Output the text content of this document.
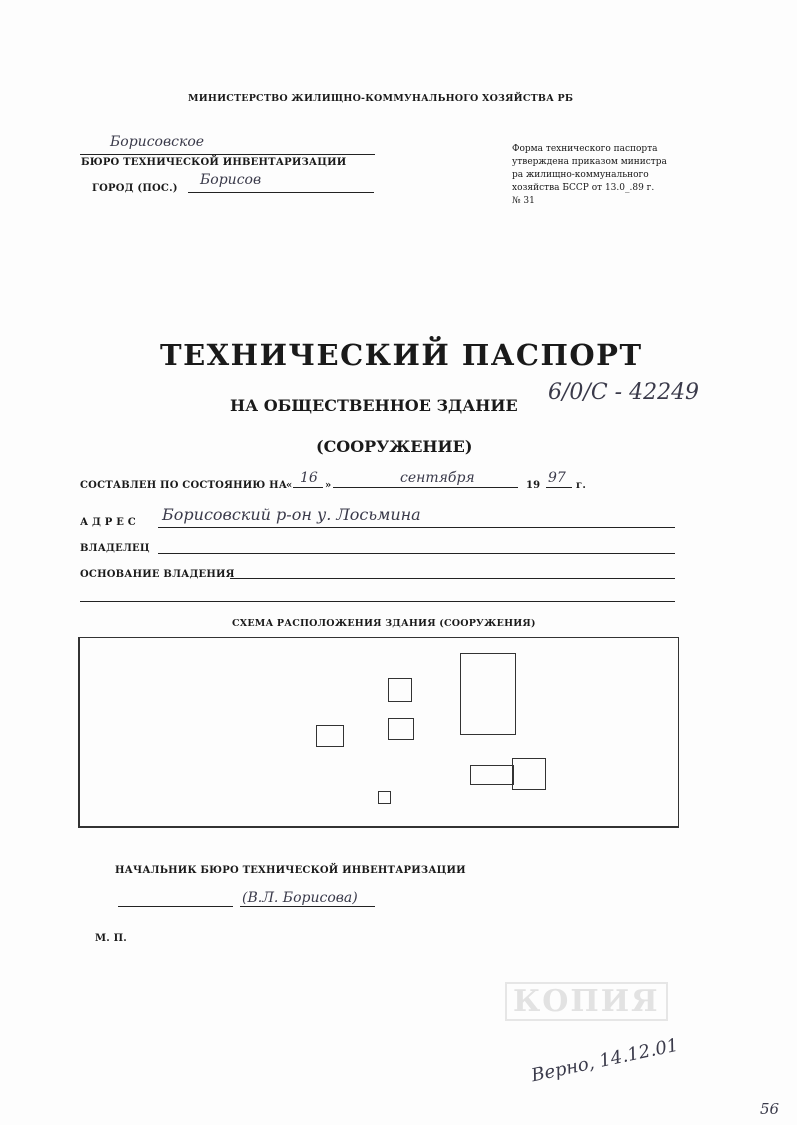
МИНИСТЕРСТВО ЖИЛИЩНО-КОММУНАЛЬНОГО ХОЗЯЙСТВА РБ
Борисовское
БЮРО ТЕХНИЧЕСКОЙ ИНВЕНТАРИЗАЦИИ
ГОРОД (ПОС.)
Борисов
Форма технического паспорта
утверждена приказом министра
ра жилищно-коммунального
хозяйства БССР от 13.0_.89 г.
№ 31
ТЕХНИЧЕСКИЙ ПАСПОРТ
НА ОБЩЕСТВЕННОЕ ЗДАНИЕ
6/0/С - 42249
(СООРУЖЕНИЕ)
СОСТАВЛЕН ПО СОСТОЯНИЮ НА
« 16 »	сентября	19 97 г.
А Д Р Е С Борисовский р-он у. Лосьмина
ВЛАДЕЛЕЦ
ОСНОВАНИЕ ВЛАДЕНИЯ
СХЕМА РАСПОЛОЖЕНИЯ ЗДАНИЯ (СООРУЖЕНИЯ)
НАЧАЛЬНИК БЮРО ТЕХНИЧЕСКОЙ ИНВЕНТАРИЗАЦИИ
(В.Л. Борисова)
М. П.
КОПИЯ
Верно, 14.12.01
56
